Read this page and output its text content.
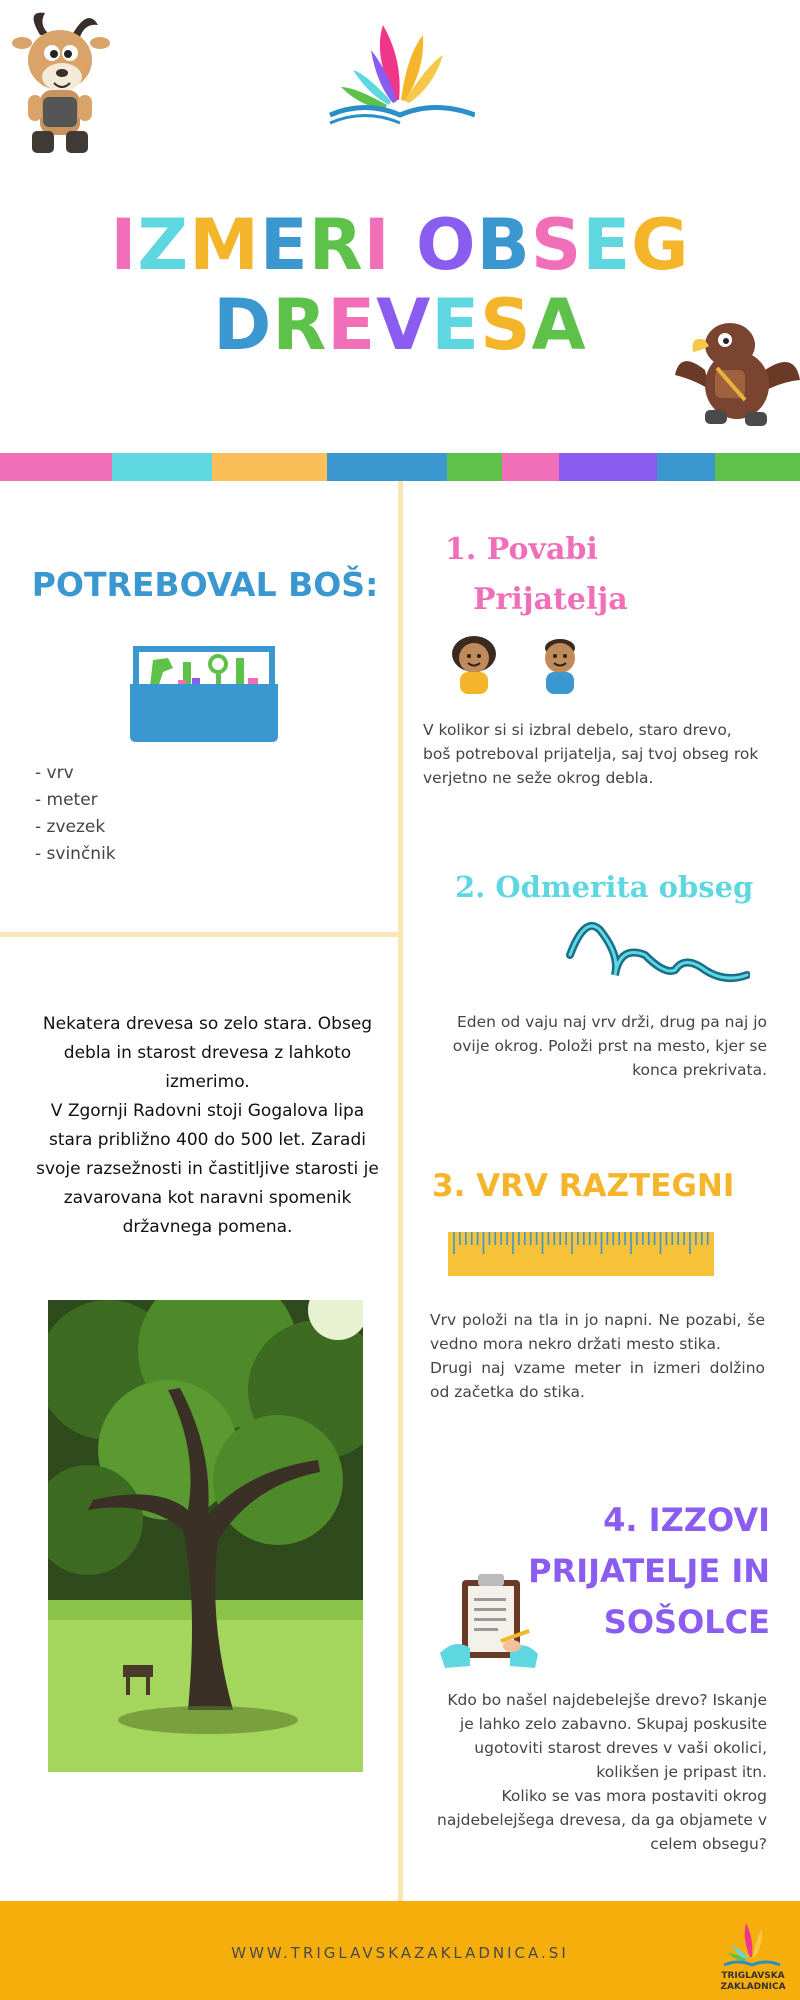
IZMERI OBSEG
DREVESA
POTREBOVAL BOŠ:
- vrv
- meter
- zvezek
- svinčnik
Nekatera drevesa so zelo stara. Obseg debla in starost drevesa z lahkoto izmerimo.
V Zgornji Radovni stoji Gogalova lipa stara približno 400 do 500 let. Zaradi svoje razsežnosti in častitljive starosti je zavarovana kot naravni spomenik državnega pomena.
1. Povabi
Prijatelja
V kolikor si si izbral debelo, staro drevo, boš potreboval prijatelja, saj tvoj obseg rok verjetno ne seže okrog debla.
2. Odmerita obseg
Eden od vaju naj vrv drži, drug pa naj jo ovije okrog. Položi prst na mesto, kjer se konca prekrivata.
3. VRV RAZTEGNI
Vrv položi na tla in jo napni. Ne pozabi, še vedno mora nekro držati mesto stika.
Drugi naj vzame meter in izmeri dolžino od začetka do stika.
4. IZZOVI
PRIJATELJE IN
SOŠOLCE
Kdo bo našel najdebelejše drevo? Iskanje je lahko zelo zabavno. Skupaj poskusite ugotoviti starost dreves v vaši okolici, kolikšen je pripast itn.
Koliko se vas mora postaviti okrog najdebelejšega drevesa, da ga objamete v celem obsegu?
WWW.TRIGLAVSKAZAKLADNICA.SI
TRIGLAVSKA
ZAKLADNICA
